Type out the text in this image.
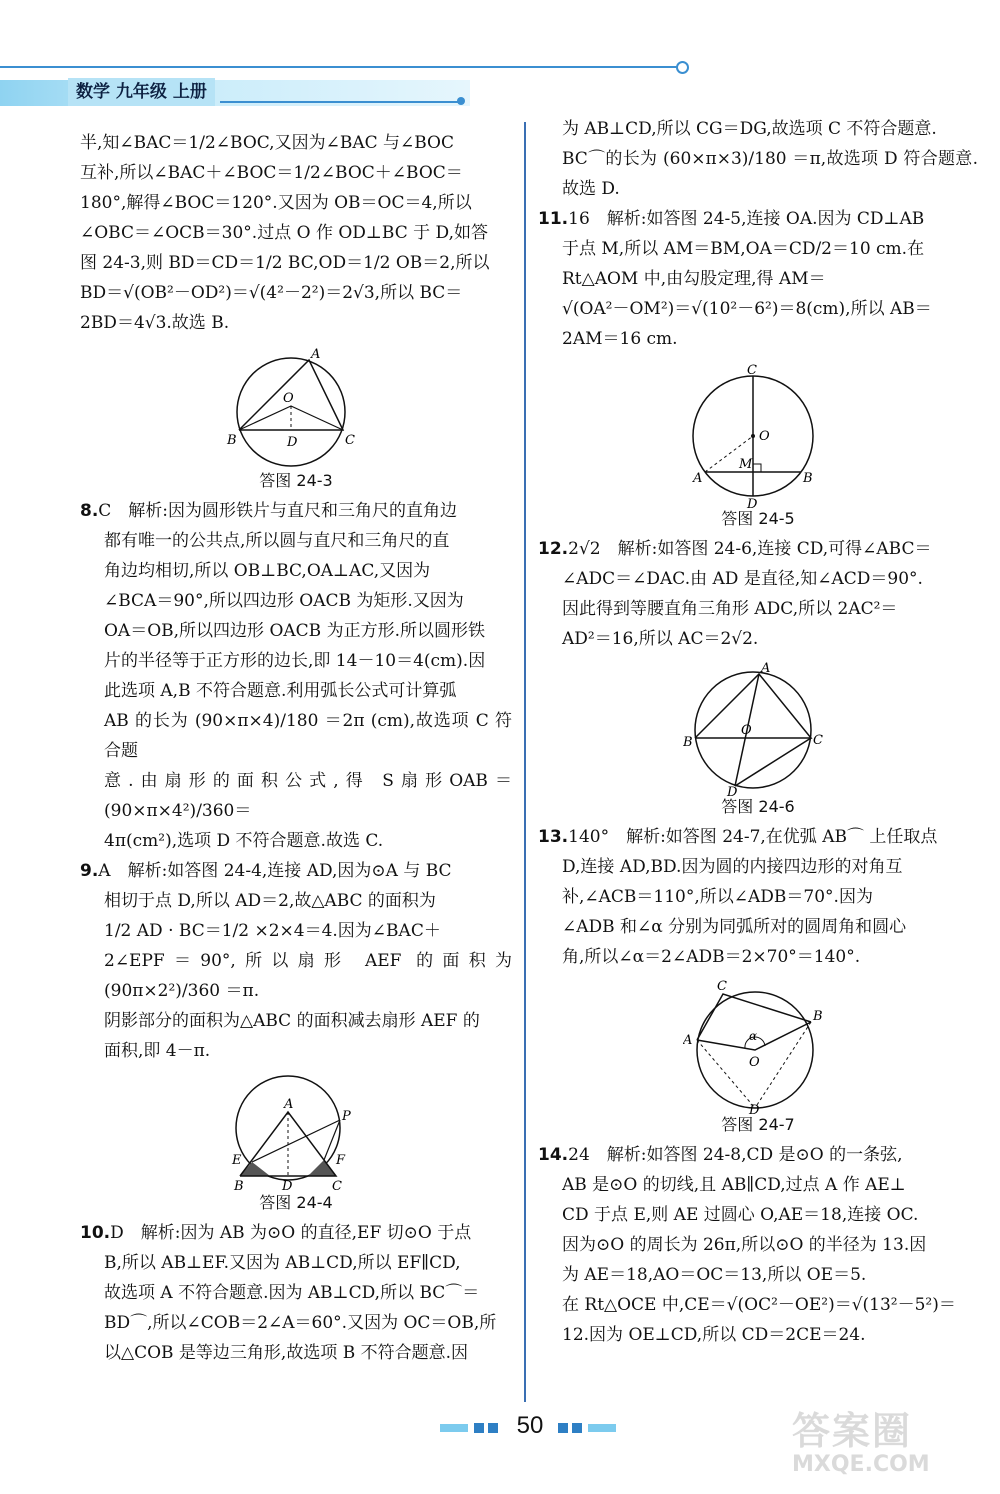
数学 九年级 上册

半,知∠BAC＝1/2∠BOC,又因为∠BAC 与∠BOC

互补,所以∠BAC＋∠BOC＝1/2∠BOC＋∠BOC＝

180°,解得∠BOC＝120°.又因为 OB＝OC＝4,所以

∠OBC＝∠OCB＝30°.过点 O 作 OD⊥BC 于 D,如答

图 24-3,则 BD＝CD＝1/2 BC,OD＝1/2 OB＝2,所以

BD＝√(OB²－OD²)＝√(4²－2²)＝2√3,所以 BC＝

2BD＝4√3.故选 B.

A
O
B	D	C
答图 24-3

8.C　解析:因为圆形铁片与直尺和三角尺的直角边

都有唯一的公共点,所以圆与直尺和三角尺的直

角边均相切,所以 OB⊥BC,OA⊥AC,又因为

∠BCA＝90°,所以四边形 OACB 为矩形.又因为

OA＝OB,所以四边形 OACB 为正方形.所以圆形铁

片的半径等于正方形的边长,即 14－10＝4(cm).因

此选项 A,B 不符合题意.利用弧长公式可计算弧

AB 的长为 (90×π×4)/180 ＝2π (cm),故选项 C 符合题

意.由扇形的面积公式,得 S扇形OAB＝(90×π×4²)/360＝

4π(cm²),选项 D 不符合题意.故选 C.

9.A　解析:如答图 24-4,连接 AD,因为⊙A 与 BC

相切于点 D,所以 AD＝2,故△ABC 的面积为

1/2 AD · BC＝1/2 ×2×4＝4.因为∠BAC＋

2∠EPF＝90°,所以扇形 AEF 的面积为 (90π×2²)/360 ＝π.

阴影部分的面积为△ABC 的面积减去扇形 AEF 的

面积,即 4－π.

A
P
E	F
B	D	C
答图 24-4

10.D　解析:因为 AB 为⊙O 的直径,EF 切⊙O 于点

B,所以 AB⊥EF.又因为 AB⊥CD,所以 EF∥CD,

故选项 A 不符合题意.因为 AB⊥CD,所以 BC⌒＝

BD⌒,所以∠COB＝2∠A＝60°.又因为 OC＝OB,所

以△COB 是等边三角形,故选项 B 不符合题意.因

为 AB⊥CD,所以 CG＝DG,故选项 C 不符合题意.

BC⌒的长为 (60×π×3)/180 ＝π,故选项 D 符合题意.故选 D.

11.16　解析:如答图 24-5,连接 OA.因为 CD⊥AB

于点 M,所以 AM＝BM,OA＝CD/2＝10 cm.在

Rt△AOM 中,由勾股定理,得 AM＝

√(OA²－OM²)＝√(10²－6²)＝8(cm),所以 AB＝

2AM＝16 cm.

C
O
M
A	B
D
答图 24-5

12.2√2　解析:如答图 24-6,连接 CD,可得∠ABC＝

∠ADC＝∠DAC.由 AD 是直径,知∠ACD＝90°.

因此得到等腰直角三角形 ADC,所以 2AC²＝

AD²＝16,所以 AC＝2√2.

A
O
B	C
D
答图 24-6

13.140°　解析:如答图 24-7,在优弧 AB⌒ 上任取点

D,连接 AD,BD.因为圆的内接四边形的对角互

补,∠ACB＝110°,所以∠ADB＝70°.因为

∠ADB 和∠α 分别为同弧所对的圆周角和圆心

角,所以∠α＝2∠ADB＝2×70°＝140°.

C
B
A	α
O
D
答图 24-7

14.24　解析:如答图 24-8,CD 是⊙O 的一条弦,

AB 是⊙O 的切线,且 AB∥CD,过点 A 作 AE⊥

CD 于点 E,则 AE 过圆心 O,AE＝18,连接 OC.

因为⊙O 的周长为 26π,所以⊙O 的半径为 13.因

为 AE＝18,AO＝OC＝13,所以 OE＝5.

在 Rt△OCE 中,CE＝√(OC²－OE²)＝√(13²－5²)＝

12.因为 OE⊥CD,所以 CD＝2CE＝24.

50	答案圈
MXQE.COM
